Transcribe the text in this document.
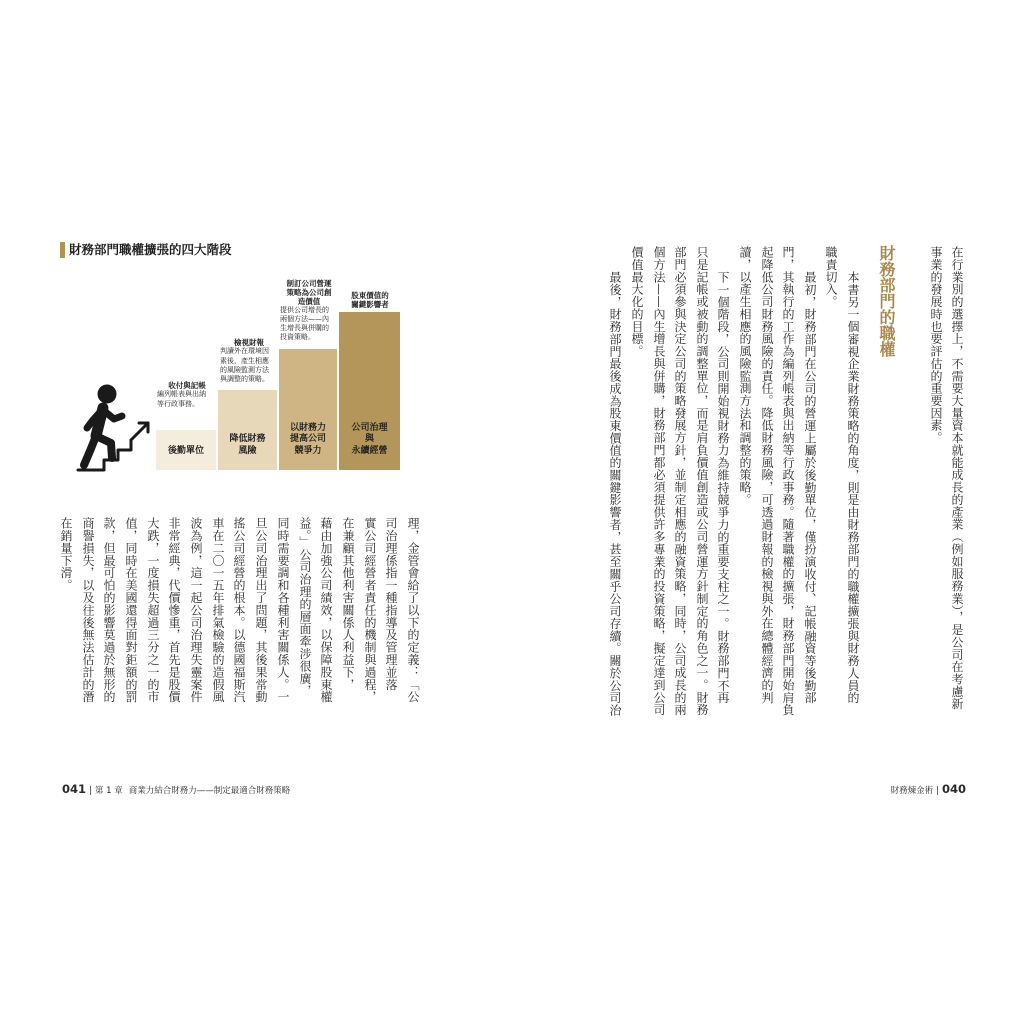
財務部門職權擴張的四大階段
後勤單位
降低財務
風險
以財務力
提高公司
競爭力
公司治理
與
永續經營
收付與記帳
編列帳表與出納
等行政事務。
檢視財報
判讀外在環境因
素後，產生相應
的風險監測方法
與調整的策略。
制訂公司營運
策略為公司創
造價值
提供公司增長的
兩個方法——內
生增長與併購的
投資策略。
股東價值的
關鍵影響者
理，金管會給了以下的定義：「公
司治理係指一種指導及管理並落
實公司經營者責任的機制與過程，
在兼顧其他利害關係人利益下，
藉由加強公司績效，以保障股東權
益。」公司治理的層面牽涉很廣，
同時需要調和各種利害關係人。一
旦公司治理出了問題，其後果常動
搖公司經營的根本。以德國福斯汽
車在二〇一五年排氣檢驗的造假風
波為例，這一起公司治理失靈案件
非常經典，代價慘重，首先是股價
大跌，一度損失超過三分之一的市
值，同時在美國還得面對鉅額的罰
款，但最可怕的影響莫過於無形的
商譽損失，以及往後無法估計的潛
在銷量下滑。	在行業別的選擇上，不需要大量資本就能成長的產業（例如服務業），是公司在考慮新
事業的發展時也要評估的重要因素。
財務部門的職權
本書另一個審視企業財務策略的角度，則是由財務部門的職權擴張與財務人員的
職責切入。
最初，財務部門在公司的營運上屬於後勤單位，僅扮演收付、記帳融資等後勤部
門，其執行的工作為編列帳表與出納等行政事務。隨著職權的擴張，財務部門開始肩負
起降低公司財務風險的責任。降低財務風險，可透過財報的檢視與外在總體經濟的判
讀，以產生相應的風險監測方法和調整的策略。
下一個階段，公司則開始視財務力為維持競爭力的重要支柱之一。財務部門不再
只是記帳或被動的調整單位，而是肩負價值創造或公司營運方針制定的角色之一。財務
部門必須參與決定公司的策略發展方針，並制定相應的融資策略，同時，公司成長的兩
個方法——內生增長與併購，財務部門都必須提供許多專業的投資策略，擬定達到公司
價值最大化的目標。
最後，財務部門最後成為股東價值的關鍵影響者，甚至關乎公司存續。關於公司治
041 | 第 1 章 商業力結合財務力——制定最適合財務策略	財務煉金術 | 040
